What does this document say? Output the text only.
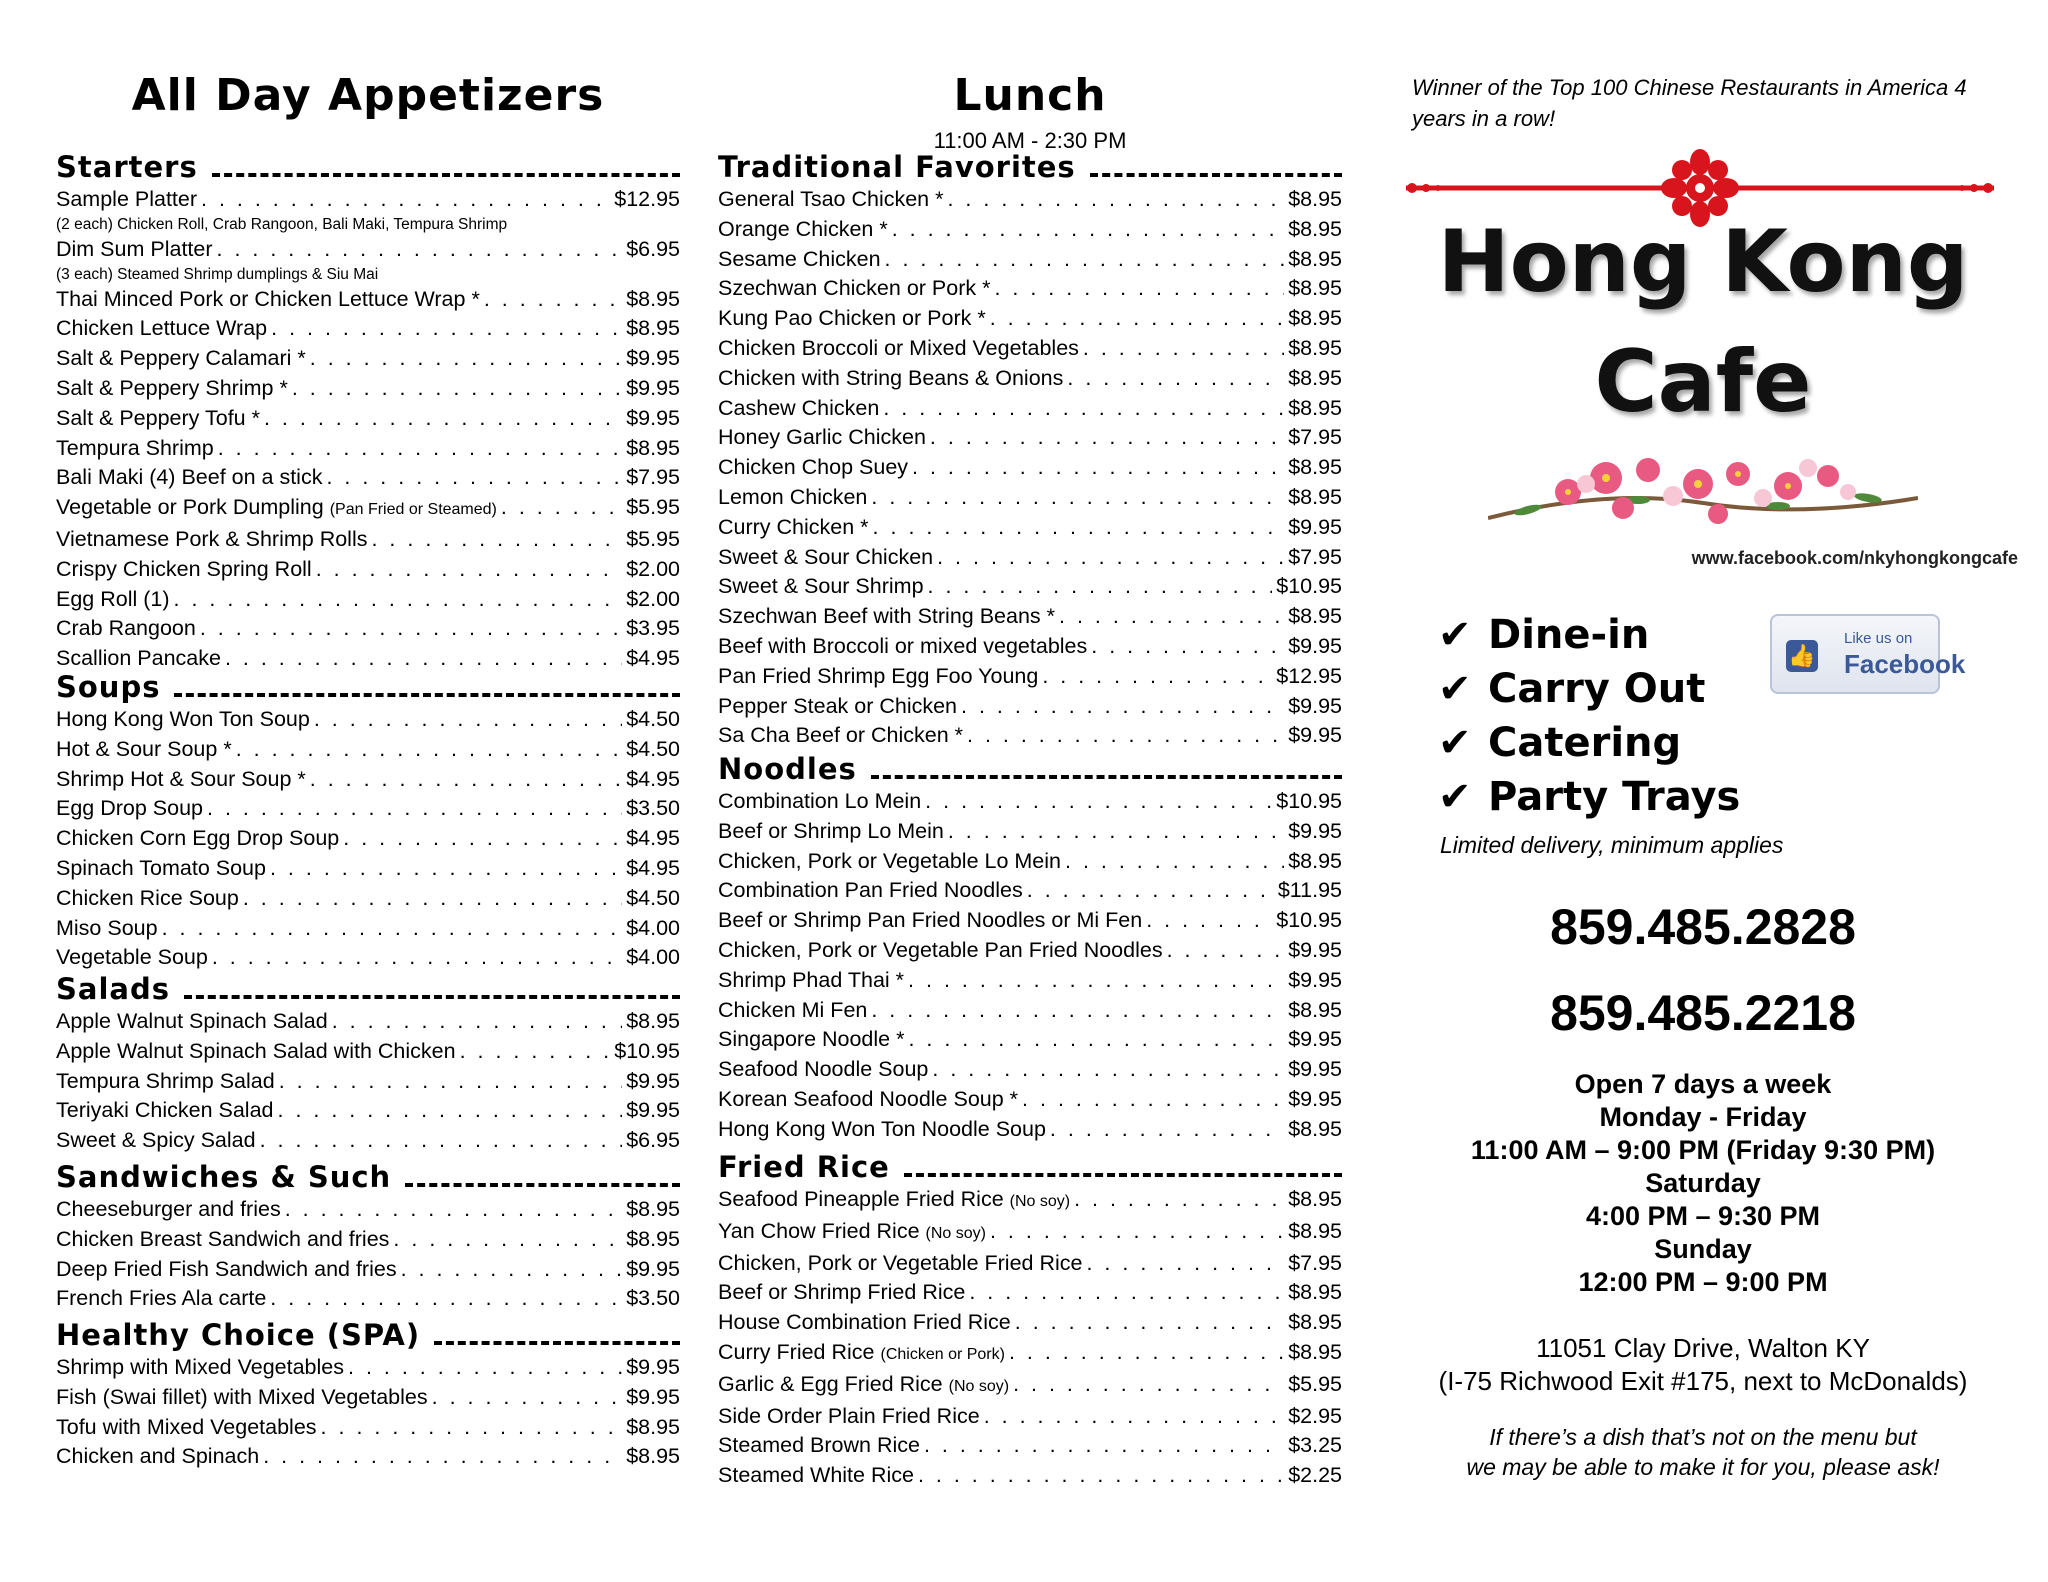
All Day Appetizers
Starters
Sample Platter . . .	$12.95
(2 each) Chicken Roll, Crab Rangoon, Bali Maki, Tempura Shrimp
Dim Sum Platter . . .	$6.95
(3 each) Steamed Shrimp dumplings & Siu Mai
Thai Minced Pork or Chicken Lettuce Wrap * . . .	$8.95
Chicken Lettuce Wrap . . .	$8.95
Salt & Peppery Calamari * . . .	$9.95
Salt & Peppery Shrimp * . . .	$9.95
Salt & Peppery Tofu * . . .	$9.95
Tempura Shrimp . . .	$8.95
Bali Maki (4) Beef on a stick . . .	$7.95
Vegetable or Pork Dumpling (Pan Fried or Steamed) . . .	$5.95
Vietnamese Pork & Shrimp Rolls . . .	$5.95
Crispy Chicken Spring Roll . . .	$2.00
Egg Roll (1) . . .	$2.00
Crab Rangoon . . .	$3.95
Scallion Pancake . . .	$4.95
Soups
Hong Kong Won Ton Soup . . .	$4.50
Hot & Sour Soup * . . .	$4.50
Shrimp Hot & Sour Soup * . . .	$4.95
Egg Drop Soup . . .	$3.50
Chicken Corn Egg Drop Soup . . .	$4.95
Spinach Tomato Soup . . .	$4.95
Chicken Rice Soup . . .	$4.50
Miso Soup . . .	$4.00
Vegetable Soup . . .	$4.00
Salads
Apple Walnut Spinach Salad . . .	$8.95
Apple Walnut Spinach Salad with Chicken . . .	$10.95
Tempura Shrimp Salad . . .	$9.95
Teriyaki Chicken Salad . . .	$9.95
Sweet & Spicy Salad . . .	$6.95
Sandwiches & Such
Cheeseburger and fries . . .	$8.95
Chicken Breast Sandwich and fries . . .	$8.95
Deep Fried Fish Sandwich and fries . . .	$9.95
French Fries Ala carte . . .	$3.50
Healthy Choice (SPA)
Shrimp with Mixed Vegetables . . .	$9.95
Fish (Swai fillet) with Mixed Vegetables . . .	$9.95
Tofu with Mixed Vegetables . . .	$8.95
Chicken and Spinach . . .	$8.95
Lunch
11:00 AM - 2:30 PM
Traditional Favorites
General Tsao Chicken * . . .	$8.95
Orange Chicken * . . .	$8.95
Sesame Chicken . . .	$8.95
Szechwan Chicken or Pork * . . .	$8.95
Kung Pao Chicken or Pork * . . .	$8.95
Chicken Broccoli or Mixed Vegetables . . .	$8.95
Chicken with String Beans & Onions . . .	$8.95
Cashew Chicken . . .	$8.95
Honey Garlic Chicken . . .	$7.95
Chicken Chop Suey . . .	$8.95
Lemon Chicken . . .	$8.95
Curry Chicken * . . .	$9.95
Sweet & Sour Chicken . . .	$7.95
Sweet & Sour Shrimp . . .	$10.95
Szechwan Beef with String Beans * . . .	$8.95
Beef with Broccoli or mixed vegetables . . .	$9.95
Pan Fried Shrimp Egg Foo Young . . .	$12.95
Pepper Steak or Chicken . . .	$9.95
Sa Cha Beef or Chicken * . . .	$9.95
Noodles
Combination Lo Mein . . .	$10.95
Beef or Shrimp Lo Mein . . .	$9.95
Chicken, Pork or Vegetable Lo Mein . . .	$8.95
Combination Pan Fried Noodles . . .	$11.95
Beef or Shrimp Pan Fried Noodles or Mi Fen . . .	$10.95
Chicken, Pork or Vegetable Pan Fried Noodles . . .	$9.95
Shrimp Phad Thai * . . .	$9.95
Chicken Mi Fen . . .	$8.95
Singapore Noodle * . . .	$9.95
Seafood Noodle Soup . . .	$9.95
Korean Seafood Noodle Soup * . . .	$9.95
Hong Kong Won Ton Noodle Soup . . .	$8.95
Fried Rice
Seafood Pineapple Fried Rice (No soy) . . .	$8.95
Yan Chow Fried Rice (No soy) . . .	$8.95
Chicken, Pork or Vegetable Fried Rice . . .	$7.95
Beef or Shrimp Fried Rice . . .	$8.95
House Combination Fried Rice . . .	$8.95
Curry Fried Rice (Chicken or Pork) . . .	$8.95
Garlic & Egg Fried Rice (No soy) . . .	$5.95
Side Order Plain Fried Rice . . .	$2.95
Steamed Brown Rice . . .	$3.25
Steamed White Rice . . .	$2.25
Winner of the Top 100 Chinese Restaurants in America 4 years in a row!
Hong Kong
Cafe
www.facebook.com/nkyhongkongcafe
✔ Dine-in
✔ Carry Out
✔ Catering
✔ Party Trays
👍
Like us on
Facebook
Limited delivery, minimum applies
859.485.2828
859.485.2218
Open 7 days a week
Monday - Friday
11:00 AM – 9:00 PM (Friday 9:30 PM)
Saturday
4:00 PM – 9:30 PM
Sunday
12:00 PM – 9:00 PM
11051 Clay Drive, Walton KY
(I-75 Richwood Exit #175, next to McDonalds)
If there’s a dish that’s not on the menu but
we may be able to make it for you, please ask!
